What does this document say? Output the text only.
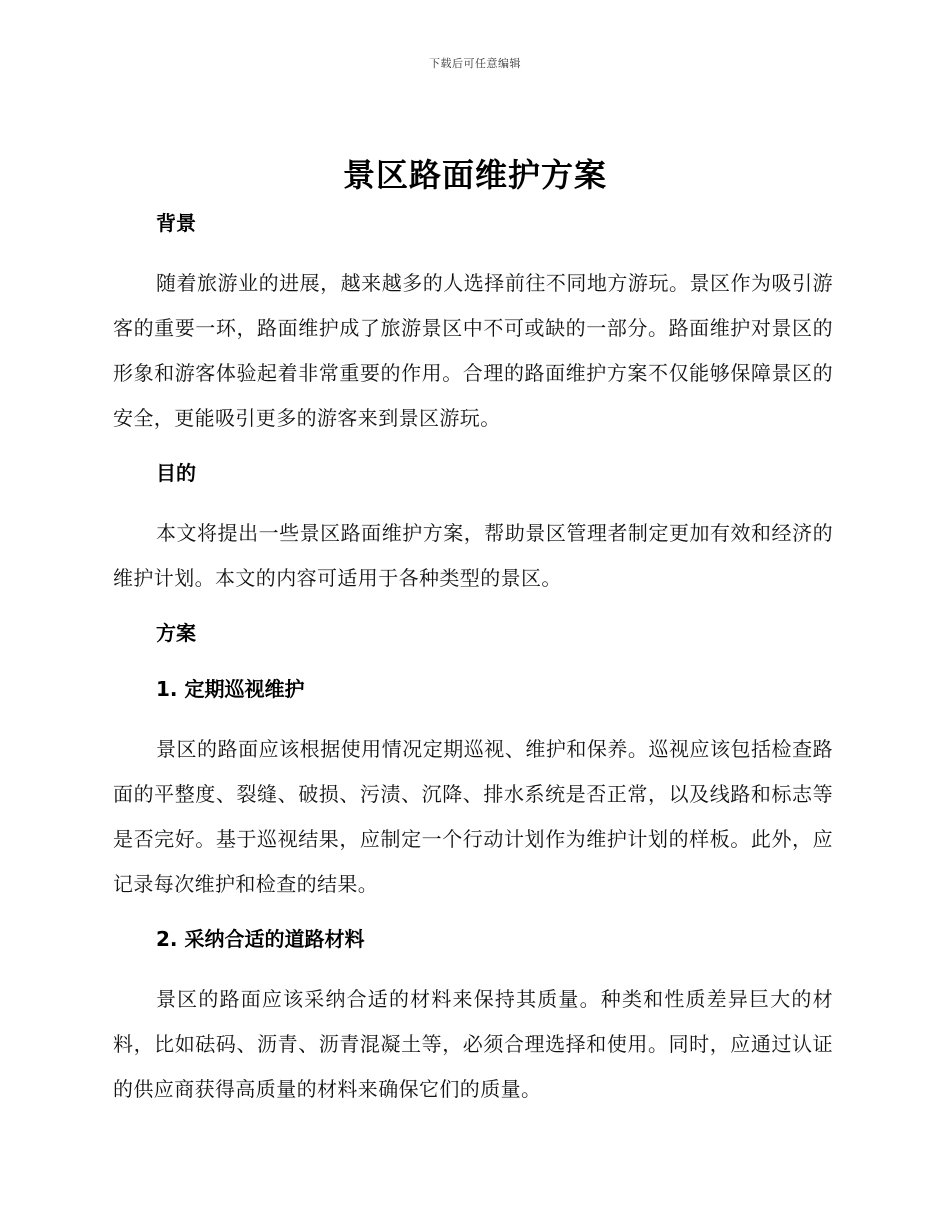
下载后可任意编辑
景区路面维护方案
背景

随着旅游业的进展，越来越多的人选择前往不同地方游玩。景区作为吸引游客的重要一环，路面维护成了旅游景区中不可或缺的一部分。路面维护对景区的形象和游客体验起着非常重要的作用。合理的路面维护方案不仅能够保障景区的安全，更能吸引更多的游客来到景区游玩。

目的

本文将提出一些景区路面维护方案，帮助景区管理者制定更加有效和经济的维护计划。本文的内容可适用于各种类型的景区。

方案
1. 定期巡视维护

景区的路面应该根据使用情况定期巡视、维护和保养。巡视应该包括检查路面的平整度、裂缝、破损、污渍、沉降、排水系统是否正常，以及线路和标志等是否完好。基于巡视结果，应制定一个行动计划作为维护计划的样板。此外，应记录每次维护和检查的结果。

2. 采纳合适的道路材料

景区的路面应该采纳合适的材料来保持其质量。种类和性质差异巨大的材料，比如砝码、沥青、沥青混凝土等，必须合理选择和使用。同时，应通过认证的供应商获得高质量的材料来确保它们的质量。
